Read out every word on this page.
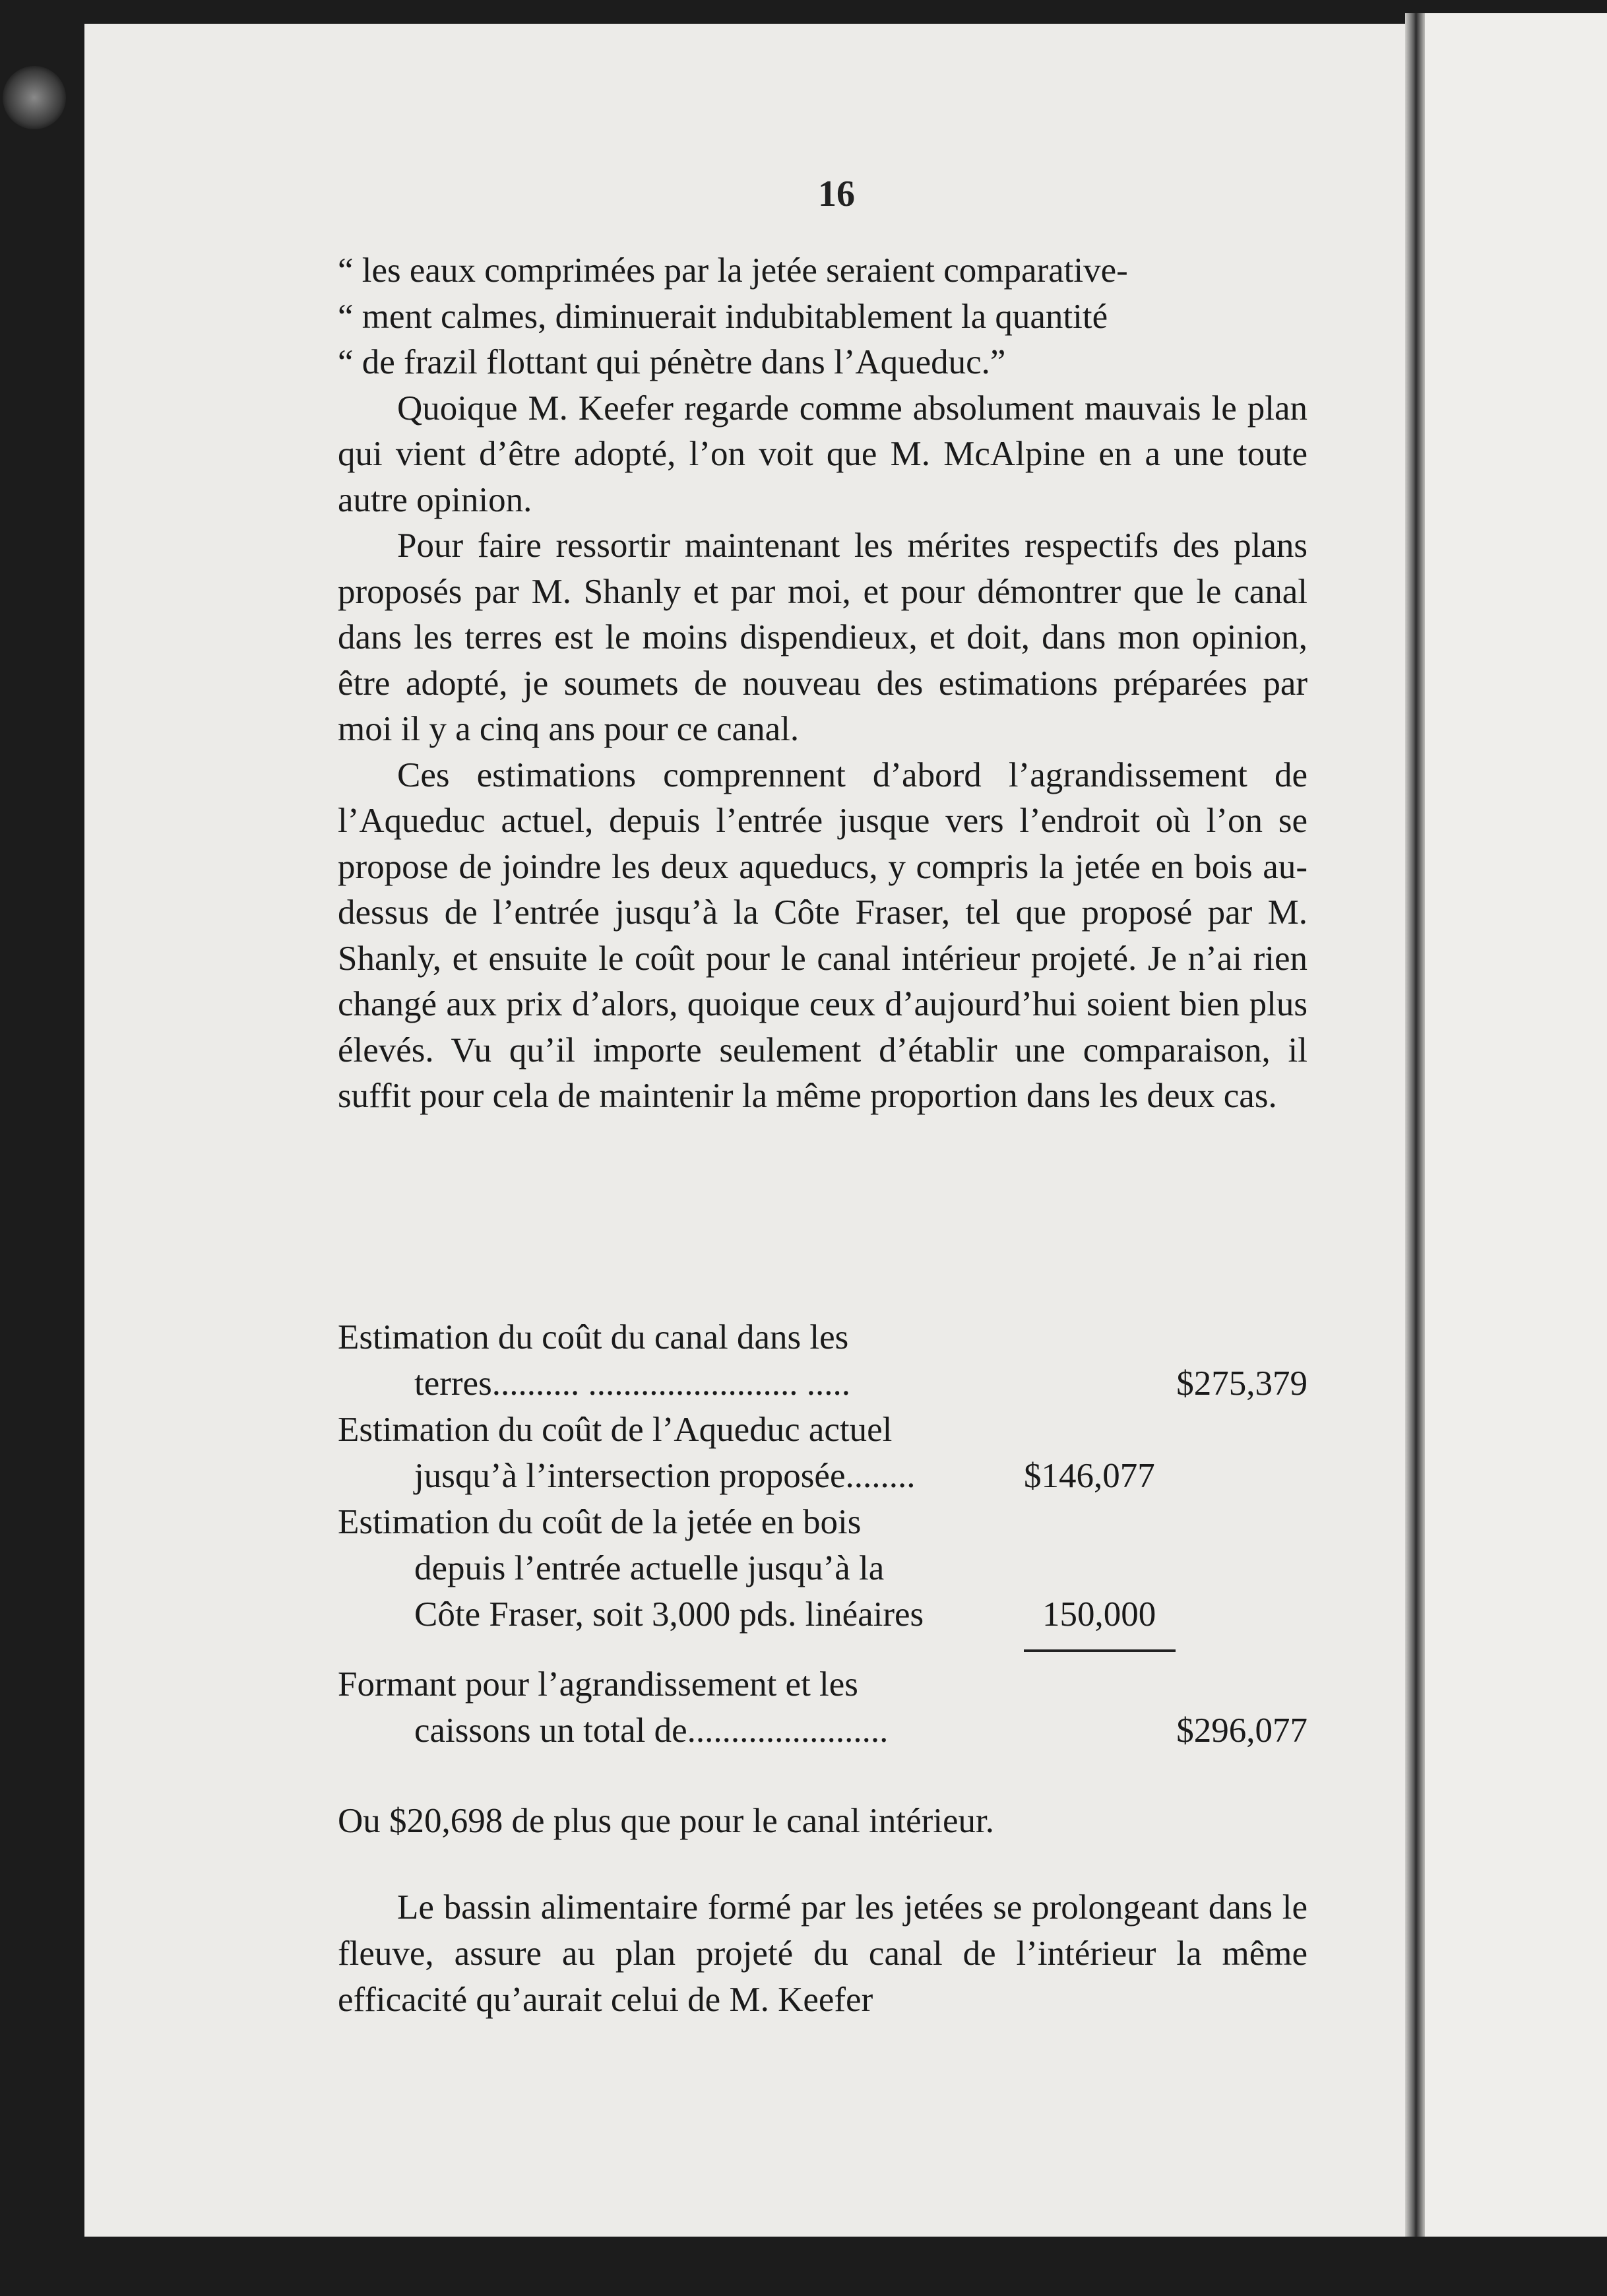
16

“ les eaux comprimées par la jetée seraient comparative-

“ ment calmes, diminuerait indubitablement la quantité

“ de frazil flottant qui pénètre dans l’Aqueduc.”

Quoique M. Keefer regarde comme absolument mauvais le plan qui vient d’être adopté, l’on voit que M. McAlpine en a une toute autre opinion.

Pour faire ressortir maintenant les mérites respectifs des plans proposés par M. Shanly et par moi, et pour démontrer que le canal dans les terres est le moins dispendieux, et doit, dans mon opinion, être adopté, je soumets de nouveau des estimations préparées par moi il y a cinq ans pour ce canal.

Ces estimations comprennent d’abord l’agrandissement de l’Aqueduc actuel, depuis l’entrée jusque vers l’endroit où l’on se propose de joindre les deux aqueducs, y compris la jetée en bois au-dessus de l’entrée jusqu’à la Côte Fraser, tel que proposé par M. Shanly, et ensuite le coût pour le canal intérieur projeté. Je n’ai rien changé aux prix d’alors, quoique ceux d’aujourd’hui soient bien plus élevés. Vu qu’il importe seulement d’établir une comparaison, il suffit pour cela de maintenir la même proportion dans les deux cas.

Estimation du coût du canal dans les
terres.......... ........................ .....	$275,379
Estimation du coût de l’Aqueduc actuel
jusqu’à l’intersection proposée........	$146,077
Estimation du coût de la jetée en bois
depuis l’entrée actuelle jusqu’à la
Côte Fraser, soit 3,000 pds. linéaires	150,000
Formant pour l’agrandissement et les
caissons un total de.......................	$296,077
Ou $20,698 de plus que pour le canal intérieur.

Le bassin alimentaire formé par les jetées se prolongeant dans le fleuve, assure au plan projeté du canal de l’intérieur la même efficacité qu’aurait celui de M. Keefer
